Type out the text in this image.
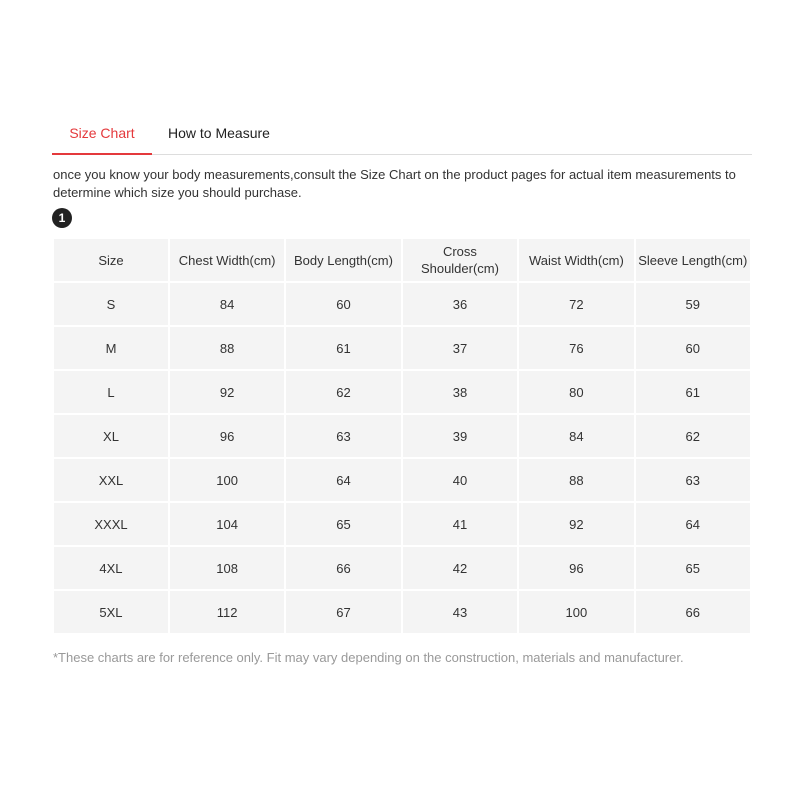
Size Chart	How to Measure
once you know your body measurements,consult the Size Chart on the product pages for actual item measurements to determine which size you should purchase.
1
Size	Chest Width(cm)	Body Length(cm)	Cross Shoulder(cm)	Waist Width(cm)	Sleeve Length(cm)
S	84	60	36	72	59
M	88	61	37	76	60
L	92	62	38	80	61
XL	96	63	39	84	62
XXL	100	64	40	88	63
XXXL	104	65	41	92	64
4XL	108	66	42	96	65
5XL	112	67	43	100	66
*These charts are for reference only. Fit may vary depending on the construction, materials and manufacturer.
